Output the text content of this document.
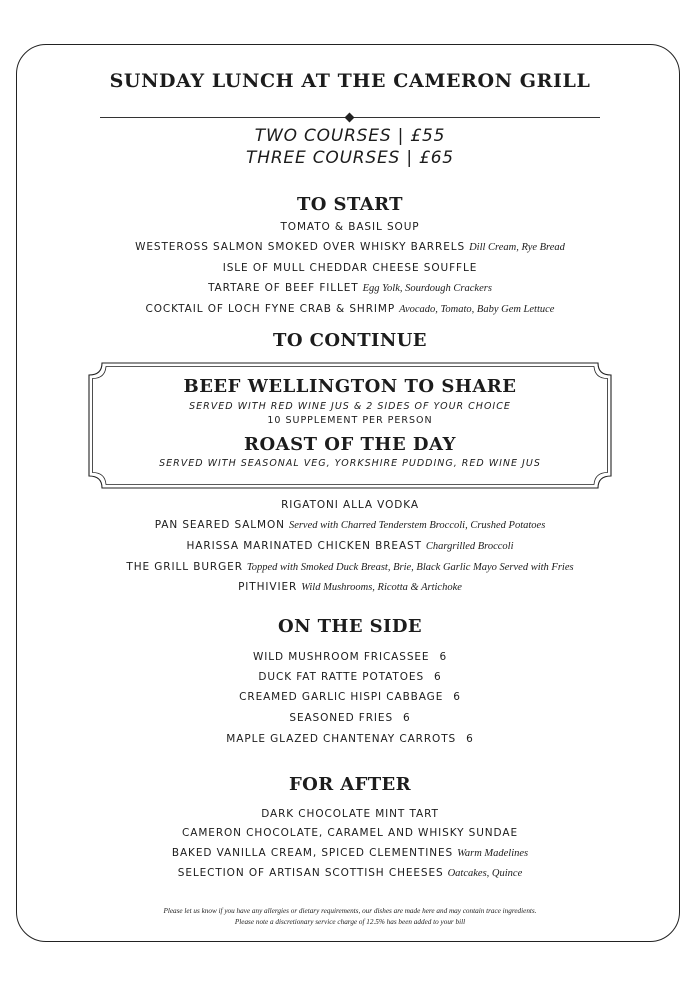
SUNDAY LUNCH AT THE CAMERON GRILL
TWO COURSES | £55
THREE COURSES | £65
TO START
TOMATO & BASIL SOUP
WESTEROSS SALMON SMOKED OVER WHISKY BARRELS Dill Cream, Rye Bread
ISLE OF MULL CHEDDAR CHEESE SOUFFLE
TARTARE OF BEEF FILLET Egg Yolk, Sourdough Crackers
COCKTAIL OF LOCH FYNE CRAB & SHRIMP Avocado, Tomato, Baby Gem Lettuce
TO CONTINUE
BEEF WELLINGTON TO SHARE
SERVED WITH RED WINE JUS & 2 SIDES OF YOUR CHOICE
10 SUPPLEMENT PER PERSON
ROAST OF THE DAY
SERVED WITH SEASONAL VEG, YORKSHIRE PUDDING, RED WINE JUS
RIGATONI ALLA VODKA
PAN SEARED SALMON Served with Charred Tenderstem Broccoli, Crushed Potatoes
HARISSA MARINATED CHICKEN BREAST Chargrilled Broccoli
THE GRILL BURGER Topped with Smoked Duck Breast, Brie, Black Garlic Mayo Served with Fries
PITHIVIER Wild Mushrooms, Ricotta & Artichoke
ON THE SIDE
WILD MUSHROOM FRICASSEE 6
DUCK FAT RATTE POTATOES 6
CREAMED GARLIC HISPI CABBAGE 6
SEASONED FRIES 6
MAPLE GLAZED CHANTENAY CARROTS 6
FOR AFTER
DARK CHOCOLATE MINT TART
CAMERON CHOCOLATE, CARAMEL AND WHISKY SUNDAE
BAKED VANILLA CREAM, SPICED CLEMENTINES Warm Madelines
SELECTION OF ARTISAN SCOTTISH CHEESES Oatcakes, Quince
Please let us know if you have any allergies or dietary requirements, our dishes are made here and may contain trace ingredients.
Please note a discretionary service charge of 12.5% has been added to your bill
